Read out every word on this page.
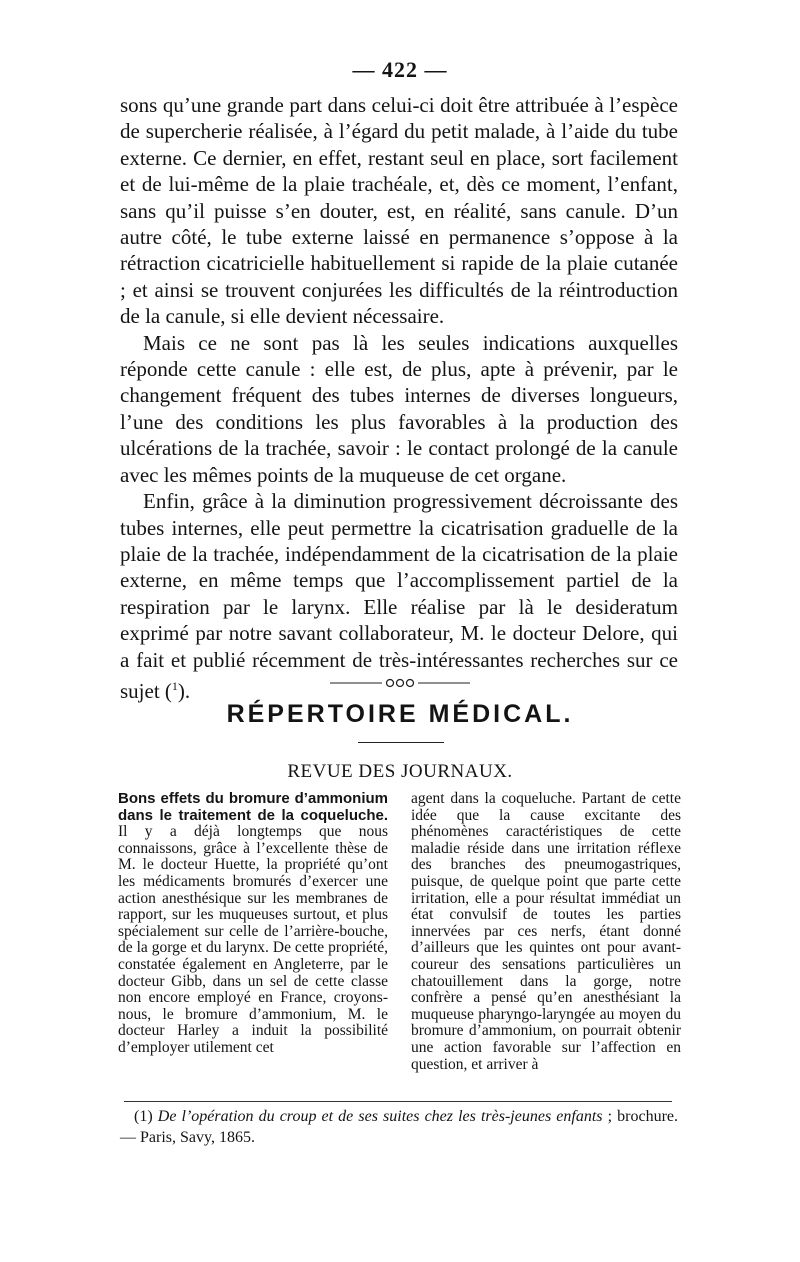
— 422 —

sons qu’une grande part dans celui-ci doit être attribuée à l’espèce de supercherie réalisée, à l’égard du petit malade, à l’aide du tube externe. Ce dernier, en effet, restant seul en place, sort facilement et de lui-même de la plaie trachéale, et, dès ce moment, l’enfant, sans qu’il puisse s’en douter, est, en réalité, sans canule. D’un autre côté, le tube externe laissé en permanence s’oppose à la rétraction cicatricielle habituellement si rapide de la plaie cutanée ; et ainsi se trouvent conjurées les difficultés de la réintroduction de la canule, si elle devient nécessaire.

Mais ce ne sont pas là les seules indications auxquelles réponde cette canule : elle est, de plus, apte à prévenir, par le changement fréquent des tubes internes de diverses longueurs, l’une des conditions les plus favorables à la production des ulcérations de la trachée, savoir : le contact prolongé de la canule avec les mêmes points de la muqueuse de cet organe.

Enfin, grâce à la diminution progressivement décroissante des tubes internes, elle peut permettre la cicatrisation graduelle de la plaie de la trachée, indépendamment de la cicatrisation de la plaie externe, en même temps que l’accomplissement partiel de la respiration par le larynx. Elle réalise par là le desideratum exprimé par notre savant collaborateur, M. le docteur Delore, qui a fait et publié récemment de très-intéressantes recherches sur ce sujet ($^1$).

RÉPERTOIRE MÉDICAL.
REVUE DES JOURNAUX.

Bons effets du bromure d’ammonium dans le traitement de la coqueluche. Il y a déjà longtemps que nous connaissons, grâce à l’excellente thèse de M. le docteur Huette, la propriété qu’ont les médicaments bromurés d’exercer une action anesthésique sur les membranes de rapport, sur les muqueuses surtout, et plus spécialement sur celle de l’arrière-bouche, de la gorge et du larynx. De cette propriété, constatée également en Angleterre, par le docteur Gibb, dans un sel de cette classe non encore employé en France, croyons-nous, le bromure d’ammonium, M. le docteur Harley a induit la possibilité d’employer utilement cet

agent dans la coqueluche. Partant de cette idée que la cause excitante des phénomènes caractéristiques de cette maladie réside dans une irritation réflexe des branches des pneumogastriques, puisque, de quelque point que parte cette irritation, elle a pour résultat immédiat un état convulsif de toutes les parties innervées par ces nerfs, étant donné d’ailleurs que les quintes ont pour avant-coureur des sensations particulières un chatouillement dans la gorge, notre confrère a pensé qu’en anesthésiant la muqueuse pharyngo-laryngée au moyen du bromure d’ammonium, on pourrait obtenir une action favorable sur l’affection en question, et arriver à

(1) De l’opération du croup et de ses suites chez les très-jeunes enfants ; brochure. — Paris, Savy, 1865.
